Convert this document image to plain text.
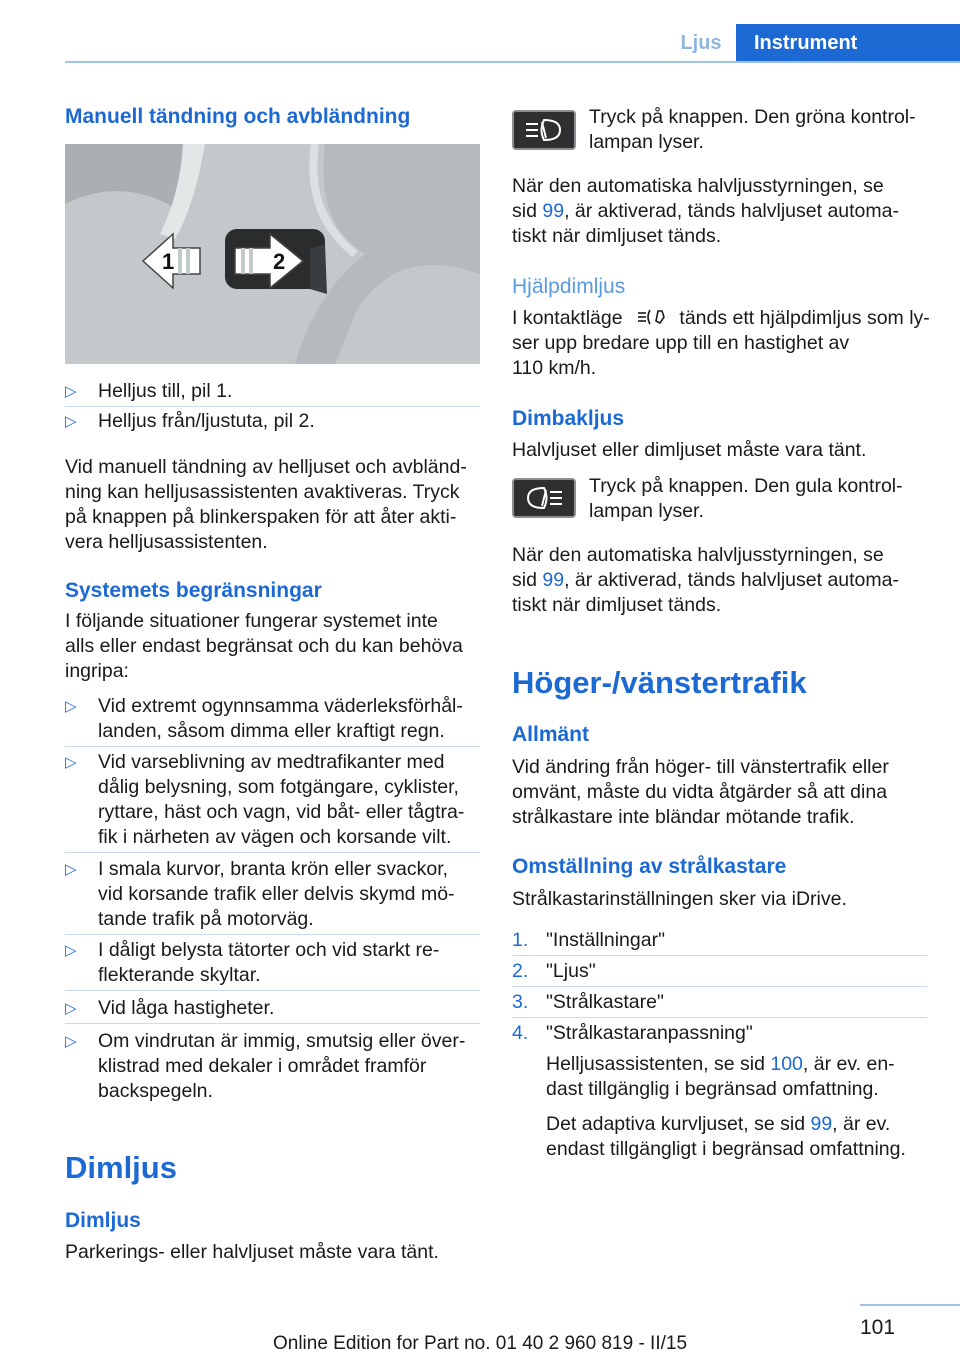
Ljus	Instrument
Manuell tändning och avbländning
1	2
▷ Helljus till, pil 1.
▷ Helljus från/ljustuta, pil 2.
Vid manuell tändning av helljuset och avbländ-
ning kan helljusassistenten avaktiveras. Tryck
på knappen på blinkerspaken för att åter akti-
vera helljusassistenten.
Systemets begränsningar
I följande situationer fungerar systemet inte
alls eller endast begränsat och du kan behöva
ingripa:
▷ Vid extremt ogynnsamma väderleksförhål-
landen, såsom dimma eller kraftigt regn.
▷ Vid varseblivning av medtrafikanter med
dålig belysning, som fotgängare, cyklister,
ryttare, häst och vagn, vid båt- eller tågtra-
fik i närheten av vägen och korsande vilt.
▷ I smala kurvor, branta krön eller svackor,
vid korsande trafik eller delvis skymd mö-
tande trafik på motorväg.
▷ I dåligt belysta tätorter och vid starkt re-
flekterande skyltar.
▷ Vid låga hastigheter.
▷ Om vindrutan är immig, smutsig eller över-
klistrad med dekaler i området framför
backspegeln.
Dimljus
Dimljus
Parkerings- eller halvljuset måste vara tänt.
Tryck på knappen. Den gröna kontrol-
lampan lyser.
När den automatiska halvljusstyrningen, se
sid 99, är aktiverad, tänds halvljuset automa-
tiskt när dimljuset tänds.
Hjälpdimljus
I kontaktläge	tänds ett hjälpdimljus som ly-
ser upp bredare upp till en hastighet av
110 km/h.
Dimbakljus
Halvljuset eller dimljuset måste vara tänt.
Tryck på knappen. Den gula kontrol-
lampan lyser.
När den automatiska halvljusstyrningen, se
sid 99, är aktiverad, tänds halvljuset automa-
tiskt när dimljuset tänds.
Höger-/vänstertrafik
Allmänt
Vid ändring från höger- till vänstertrafik eller
omvänt, måste du vidta åtgärder så att dina
strålkastare inte bländar mötande trafik.
Omställning av strålkastare
Strålkastarinställningen sker via iDrive.
1. "Inställningar"
2. "Ljus"
3. "Strålkastare"
4. "Strålkastaranpassning"
Helljusassistenten, se sid 100, är ev. en-
dast tillgänglig i begränsad omfattning.
Det adaptiva kurvljuset, se sid 99, är ev.
endast tillgängligt i begränsad omfattning.
101
Online Edition for Part no. 01 40 2 960 819 - II/15
